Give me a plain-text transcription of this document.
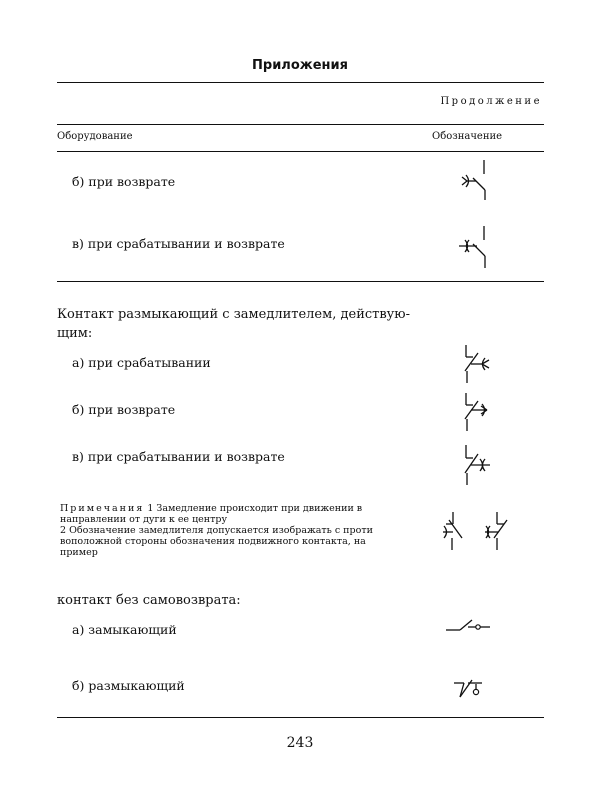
Приложения
Продолжение
Оборудование	Обозначение
б) при возврате
в) при срабатывании и возврате
Контакт размыкающий с замедлителем, действую-
щим:
а) при срабатывании
б) при возврате
в) при срабатывании и возврате
Примечания 1 Замедление происходит при движении в
направлении от дуги к ее центру
2 Обозначение замедлителя допускается изображать с проти
воположной стороны обозначения подвижного контакта, на
пример
контакт без самовозврата:
а) замыкающий
б) размыкающий
243
